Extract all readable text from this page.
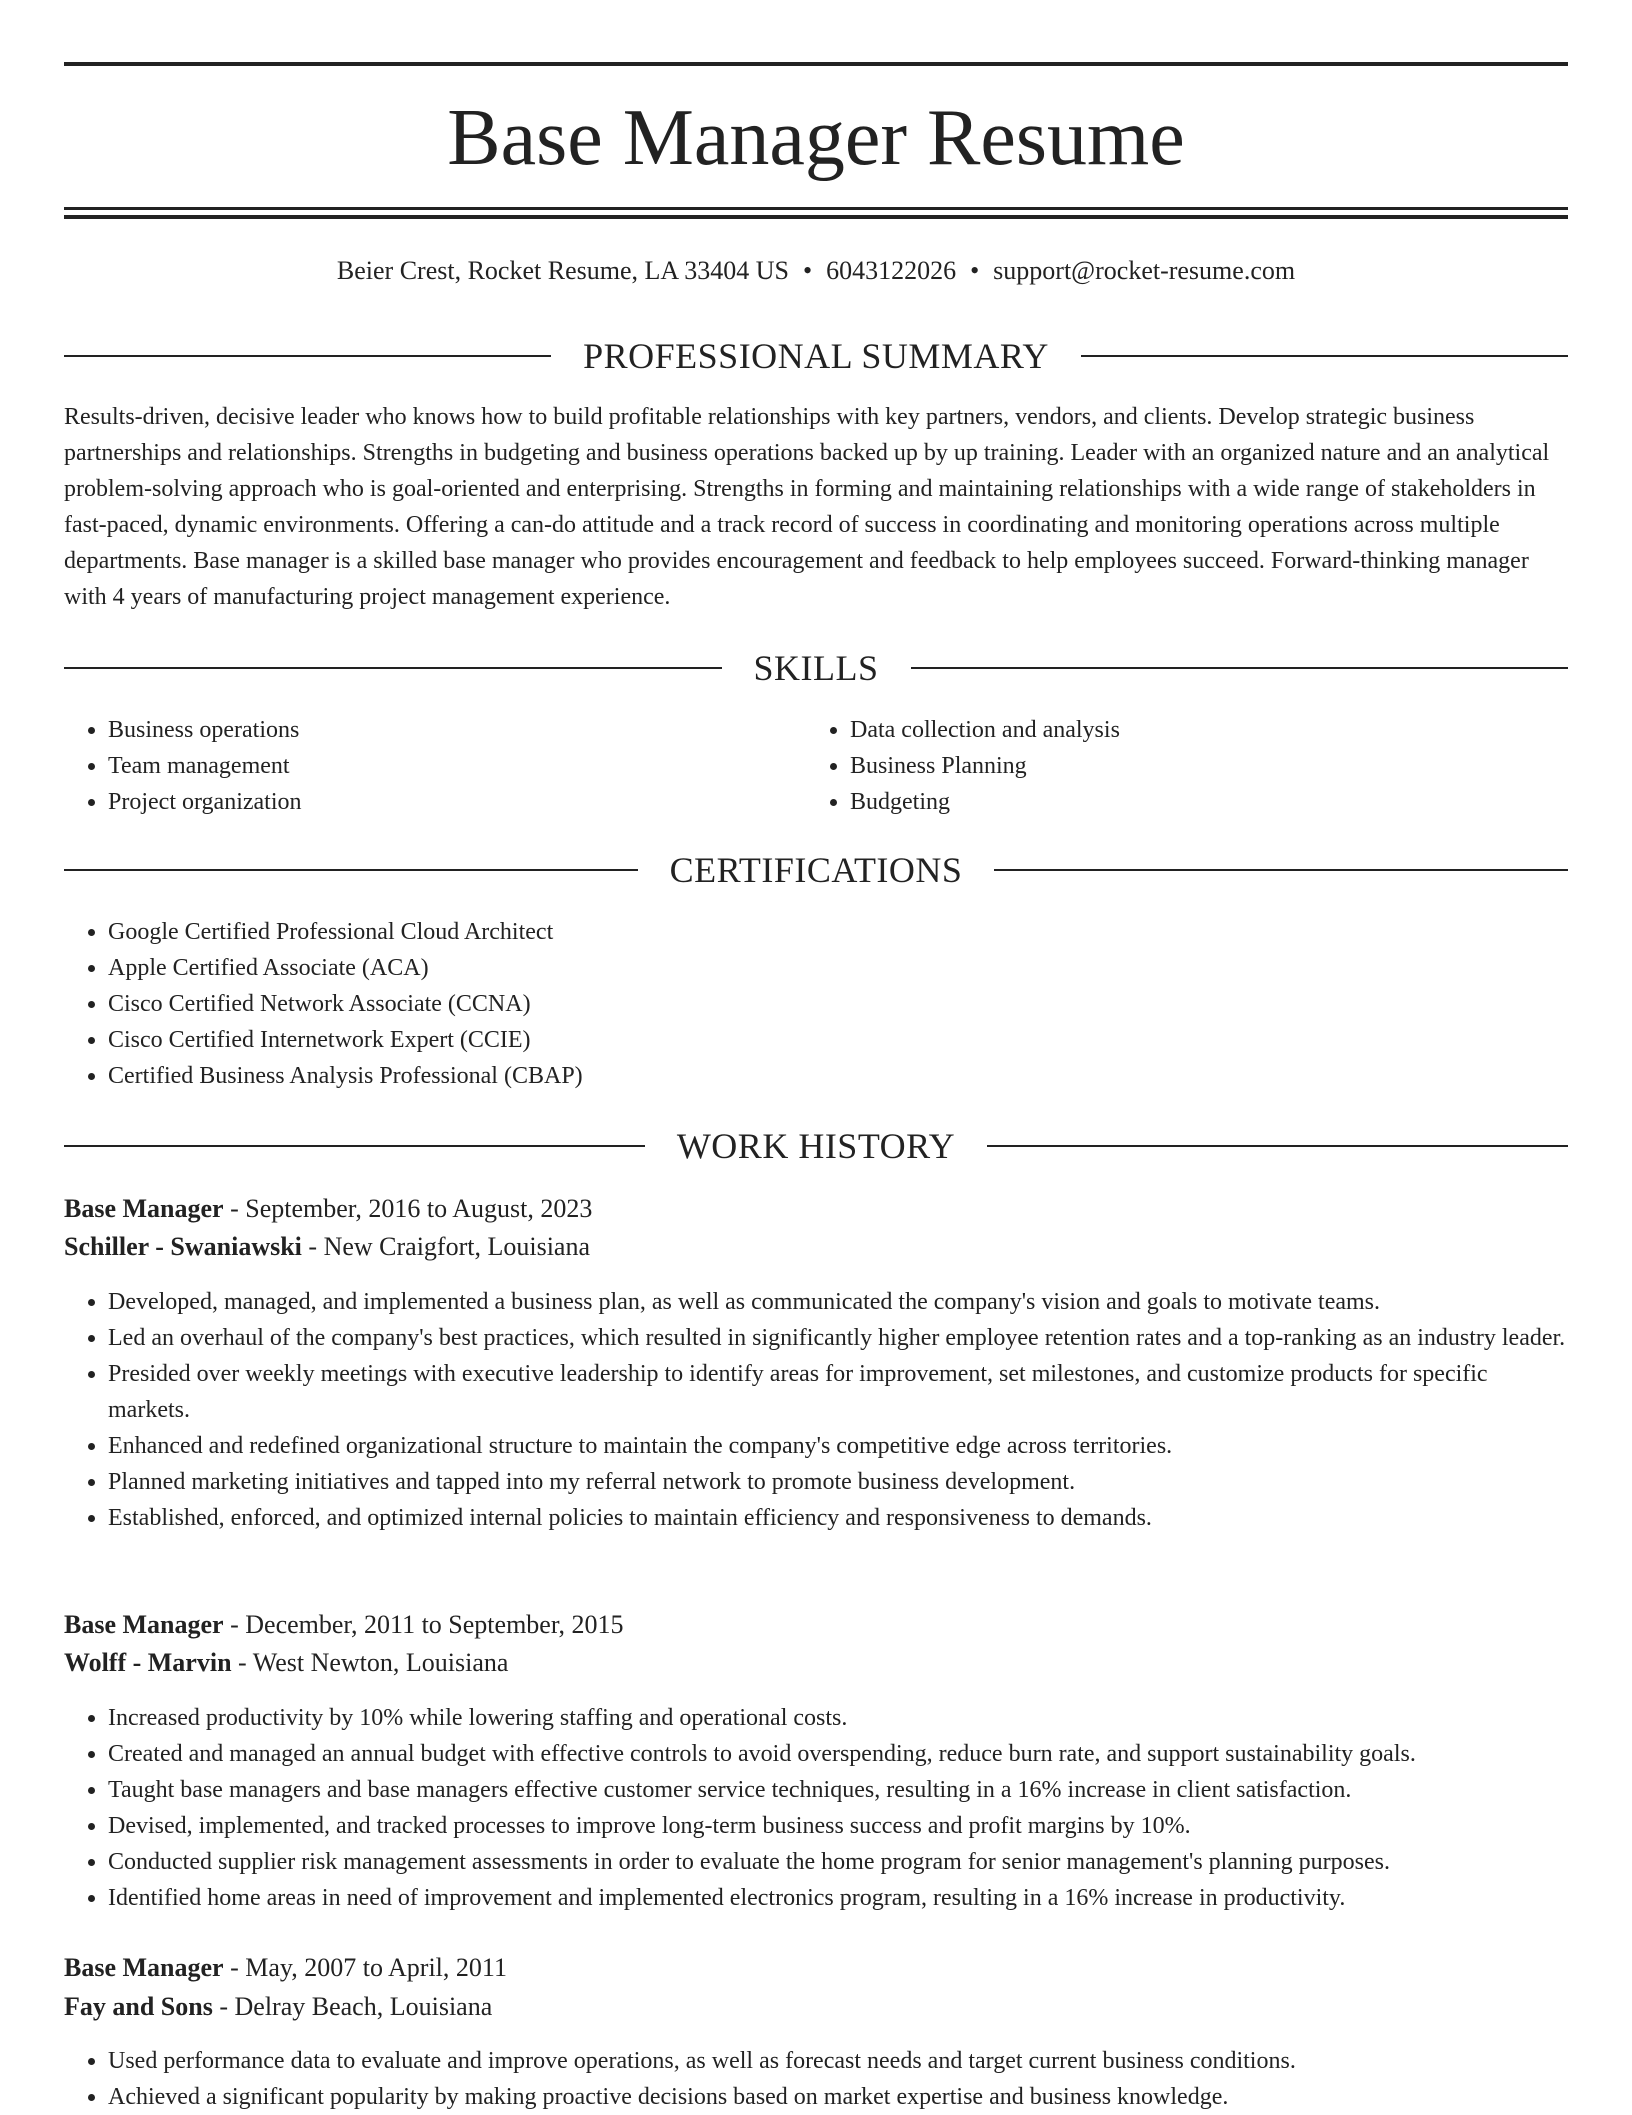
Base Manager Resume
Beier Crest, Rocket Resume, LA 33404 US • 6043122026 • support@rocket-resume.com
PROFESSIONAL SUMMARY

Results-driven, decisive leader who knows how to build profitable relationships with key partners, vendors, and clients. Develop strategic business partnerships and relationships. Strengths in budgeting and business operations backed up by up training. Leader with an organized nature and an analytical problem-solving approach who is goal-oriented and enterprising. Strengths in forming and maintaining relationships with a wide range of stakeholders in fast-paced, dynamic environments. Offering a can-do attitude and a track record of success in coordinating and monitoring operations across multiple departments. Base manager is a skilled base manager who provides encouragement and feedback to help employees succeed. Forward-thinking manager with 4 years of manufacturing project management experience.

SKILLS
• Business operations
• Team management
• Project organization
• Data collection and analysis
• Business Planning
• Budgeting
CERTIFICATIONS
• Google Certified Professional Cloud Architect
• Apple Certified Associate (ACA)
• Cisco Certified Network Associate (CCNA)
• Cisco Certified Internetwork Expert (CCIE)
• Certified Business Analysis Professional (CBAP)
WORK HISTORY
Base Manager - September, 2016 to August, 2023
Schiller - Swaniawski - New Craigfort, Louisiana
• Developed, managed, and implemented a business plan, as well as communicated the company's vision and goals to motivate teams.
• Led an overhaul of the company's best practices, which resulted in significantly higher employee retention rates and a top-ranking as an industry leader.
• Presided over weekly meetings with executive leadership to identify areas for improvement, set milestones, and customize products for specific markets.
• Enhanced and redefined organizational structure to maintain the company's competitive edge across territories.
• Planned marketing initiatives and tapped into my referral network to promote business development.
• Established, enforced, and optimized internal policies to maintain efficiency and responsiveness to demands.
Base Manager - December, 2011 to September, 2015
Wolff - Marvin - West Newton, Louisiana
• Increased productivity by 10% while lowering staffing and operational costs.
• Created and managed an annual budget with effective controls to avoid overspending, reduce burn rate, and support sustainability goals.
• Taught base managers and base managers effective customer service techniques, resulting in a 16% increase in client satisfaction.
• Devised, implemented, and tracked processes to improve long-term business success and profit margins by 10%.
• Conducted supplier risk management assessments in order to evaluate the home program for senior management's planning purposes.
• Identified home areas in need of improvement and implemented electronics program, resulting in a 16% increase in productivity.
Base Manager - May, 2007 to April, 2011
Fay and Sons - Delray Beach, Louisiana
• Used performance data to evaluate and improve operations, as well as forecast needs and target current business conditions.
• Achieved a significant popularity by making proactive decisions based on market expertise and business knowledge.
